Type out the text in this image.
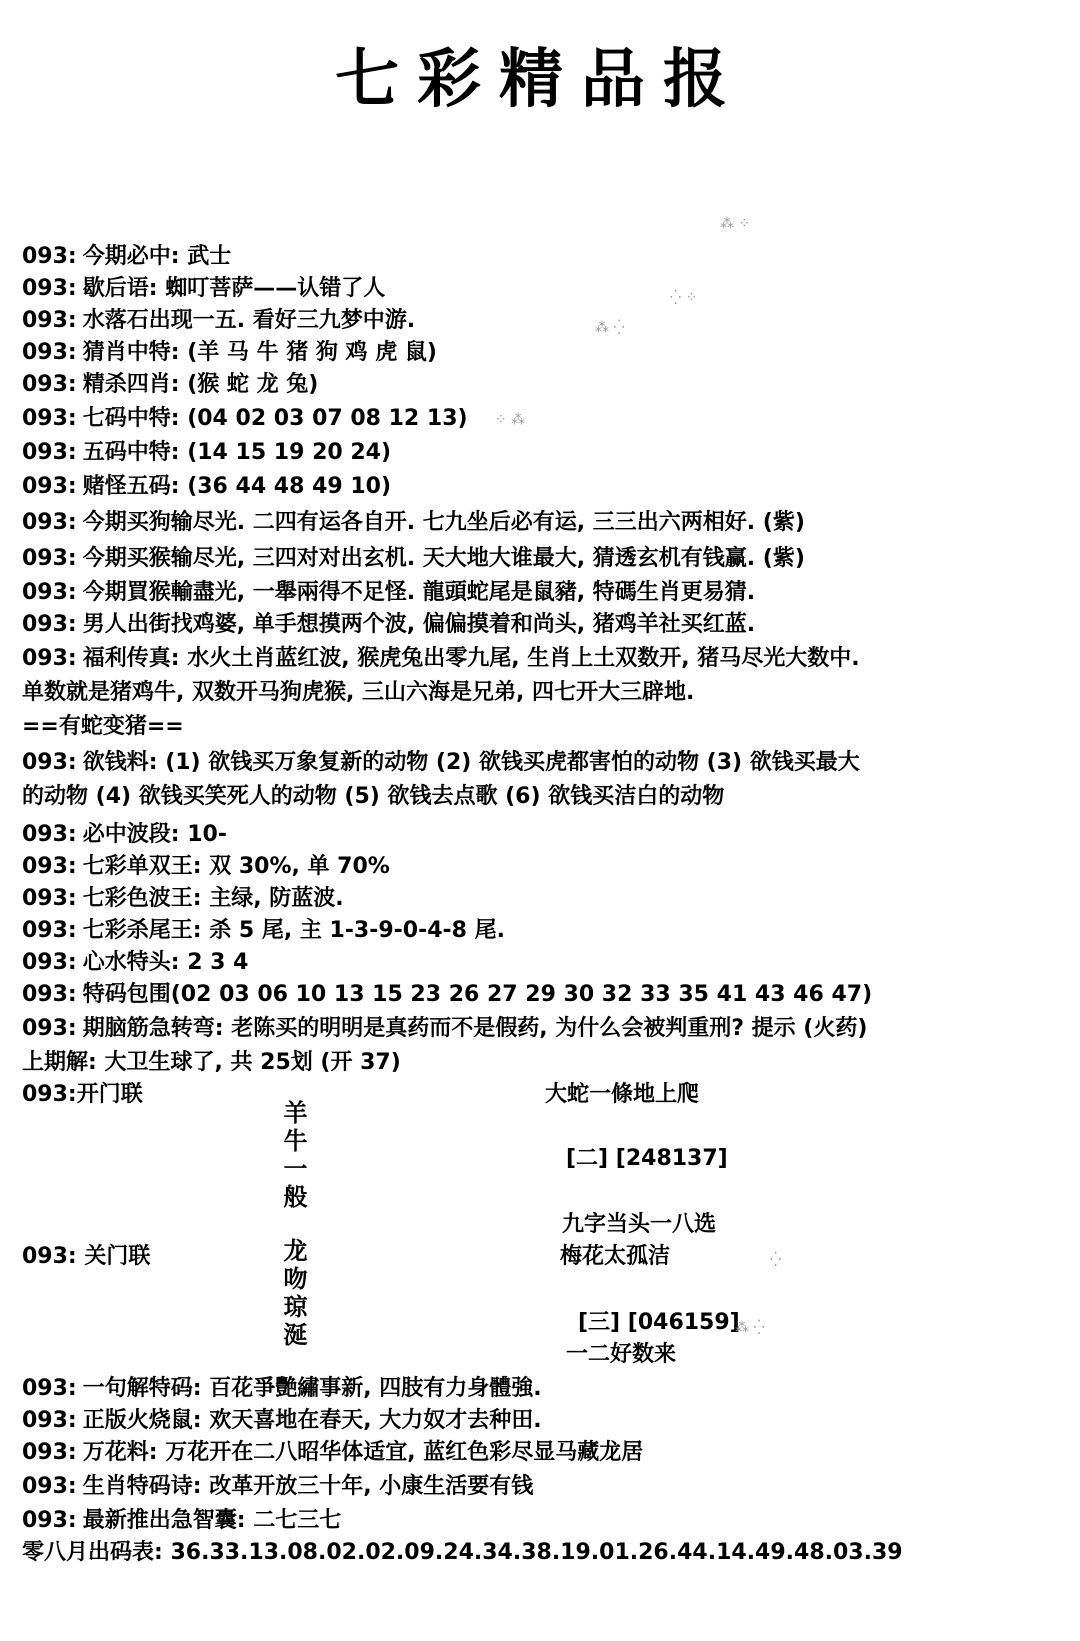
七彩精品报
093: 今期必中: 武士
093: 歇后语: 蜘叮菩萨——认错了人
093: 水落石出现一五. 看好三九梦中游.
093: 猜肖中特: (羊 马 牛 猪 狗 鸡 虎 鼠)
093: 精杀四肖: (猴 蛇 龙 兔)
093: 七码中特: (04 02 03 07 08 12 13)
093: 五码中特: (14 15 19 20 24)
093: 赌怪五码: (36 44 48 49 10)
093: 今期买狗输尽光. 二四有运各自开. 七九坐后必有运, 三三出六两相好. (紫)
093: 今期买猴输尽光, 三四对对出玄机. 天大地大谁最大, 猜透玄机有钱赢. (紫)
093: 今期買猴輸盡光, 一舉兩得不足怪. 龍頭蛇尾是鼠豬, 特碼生肖更易猜.
093: 男人出街找鸡婆, 单手想摸两个波, 偏偏摸着和尚头, 猪鸡羊社买红蓝.
093: 福利传真: 水火土肖蓝红波, 猴虎兔出零九尾, 生肖上土双数开, 猪马尽光大数中.
单数就是猪鸡牛, 双数开马狗虎猴, 三山六海是兄弟, 四七开大三辟地.
==有蛇变猪==
093: 欲钱料: (1) 欲钱买万象复新的动物 (2) 欲钱买虎都害怕的动物 (3) 欲钱买最大
的动物 (4) 欲钱买笑死人的动物 (5) 欲钱去点歌 (6) 欲钱买洁白的动物
093: 必中波段: 10-
093: 七彩单双王: 双 30%, 单 70%
093: 七彩色波王: 主绿, 防蓝波.
093: 七彩杀尾王: 杀 5 尾, 主 1-3-9-0-4-8 尾.
093: 心水特头: 2 3 4
093: 特码包围(02 03 06 10 13 15 23 26 27 29 30 32 33 35 41 43 46 47)
093: 期脑筋急转弯: 老陈买的明明是真药而不是假药, 为什么会被判重刑? 提示 (火药)
上期解: 大卫生球了, 共 25划 (开 37)
093:开门联
羊牛一般
大蛇一條地上爬
[二] [248137]
九字当头一八选
093: 关门联	梅花太孤洁
龙吻琼涎	[三] [046159]
一二好数来
093: 一句解特码: 百花爭艷繡事新, 四肢有力身體強.
093: 正版火烧鼠: 欢天喜地在春天, 大力奴才去种田.
093: 万花料: 万花开在二八昭华体适宜, 蓝红色彩尽显马藏龙居
093: 生肖特码诗: 改革开放三十年, 小康生活要有钱
093: 最新推出急智囊: 二七三七
零八月出码表: 36.33.13.08.02.02.09.24.34.38.19.01.26.44.14.49.48.03.39
⁂ ⁘
⁛ ⁘
⁂ ⁛
⁘ ⁂
⁛
⁂ ⁛
